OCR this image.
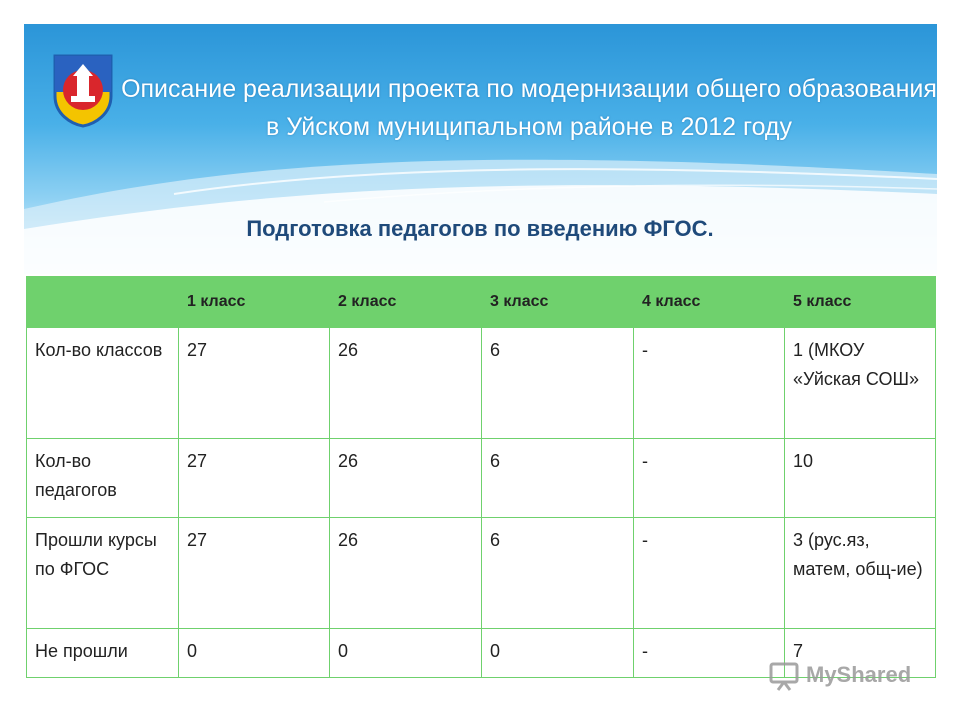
Описание реализации проекта по модернизации общего образования в Уйском муниципальном районе в 2012 году
Подготовка педагогов по введению ФГОС.
	1 класс	2 класс	3 класс	4 класс	5 класс
Кол-во классов	27	26	6	-	1 (МКОУ «Уйская СОШ»
Кол-во педагогов	27	26	6	-	10
Прошли курсы по ФГОС	27	26	6	-	3 (рус.яз, матем, общ-ие)
Не прошли	0	0	0	-	7
MyShared
